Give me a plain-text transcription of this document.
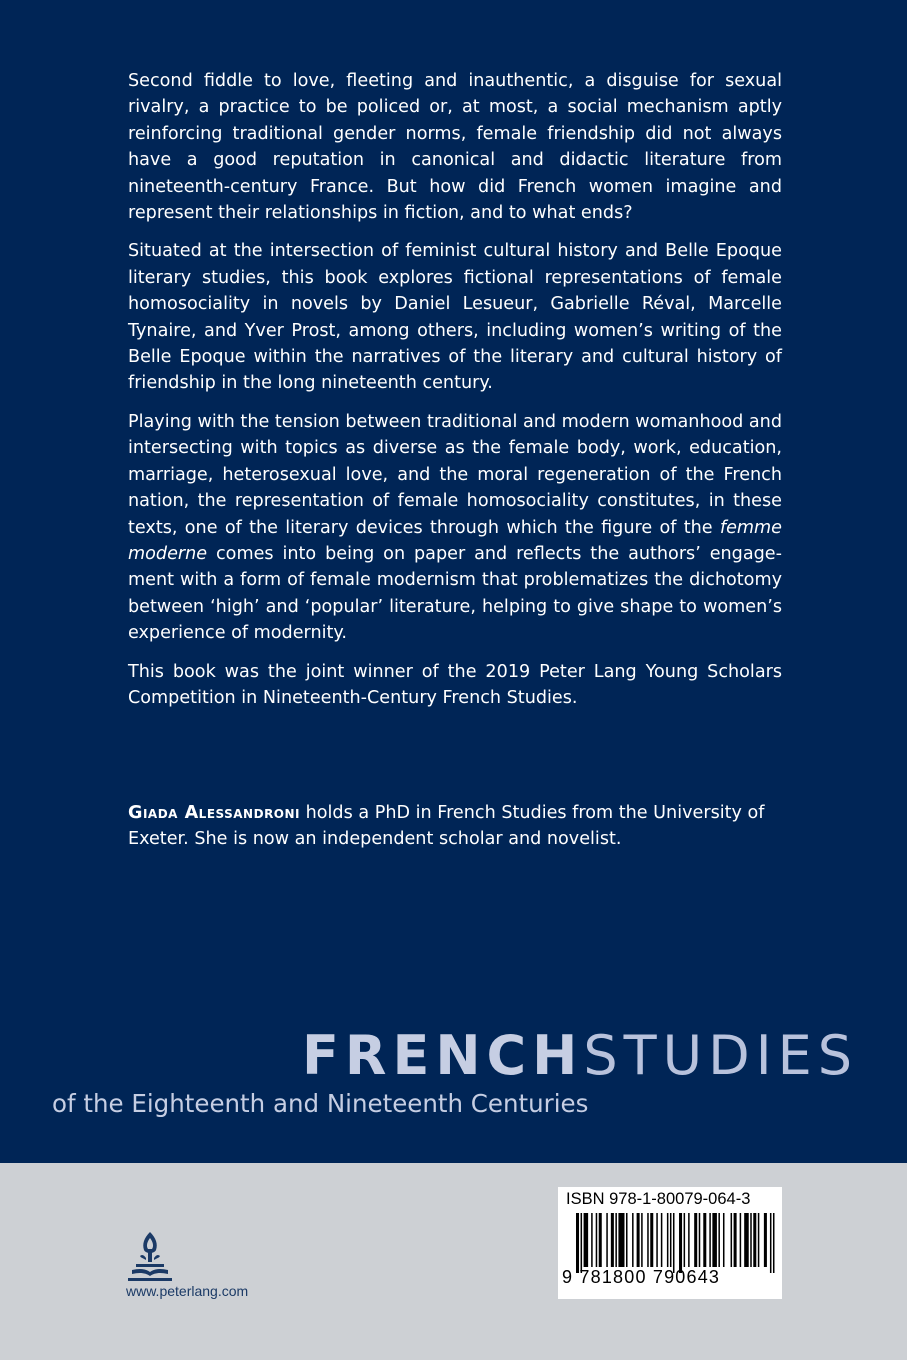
Second fiddle to love, fleeting and inauthentic, a disguise for sexual rivalry, a practice to be policed or, at most, a social mechanism aptly reinforcing traditional gender norms, female friendship did not always have a good reputation in canonical and didactic literature from nineteenth-century France. But how did French women imagine and represent their relationships in fiction, and to what ends?

Situated at the intersection of feminist cultural history and Belle Epoque literary studies, this book explores fictional representations of female homosociality in novels by Daniel Lesueur, Gabrielle Réval, Marcelle Tynaire, and Yver Prost, among others, including women’s writing of the Belle Epoque within the narratives of the literary and cultural history of friendship in the long nineteenth century.

Playing with the tension between traditional and modern womanhood and intersecting with topics as diverse as the female body, work, education, marriage, heterosexual love, and the moral regeneration of the French nation, the representation of female homosociality constitutes, in these texts, one of the literary devices through which the figure of the femme moderne comes into being on paper and reflects the authors’ engagement with a form of female modernism that problematizes the dichotomy between ‘high’ and ‘popular’ literature, helping to give shape to women’s experience of modernity.

This book was the joint winner of the 2019 Peter Lang Young Scholars Competition in Nineteenth-Century French Studies.

Giada Alessandroni holds a PhD in French Studies from the University of Exeter. She is now an independent scholar and novelist.
FRENCHSTUDIES
of the Eighteenth and Nineteenth Centuries
www.peterlang.com
ISBN 978-1-80079-064-3
9 781800 790643
